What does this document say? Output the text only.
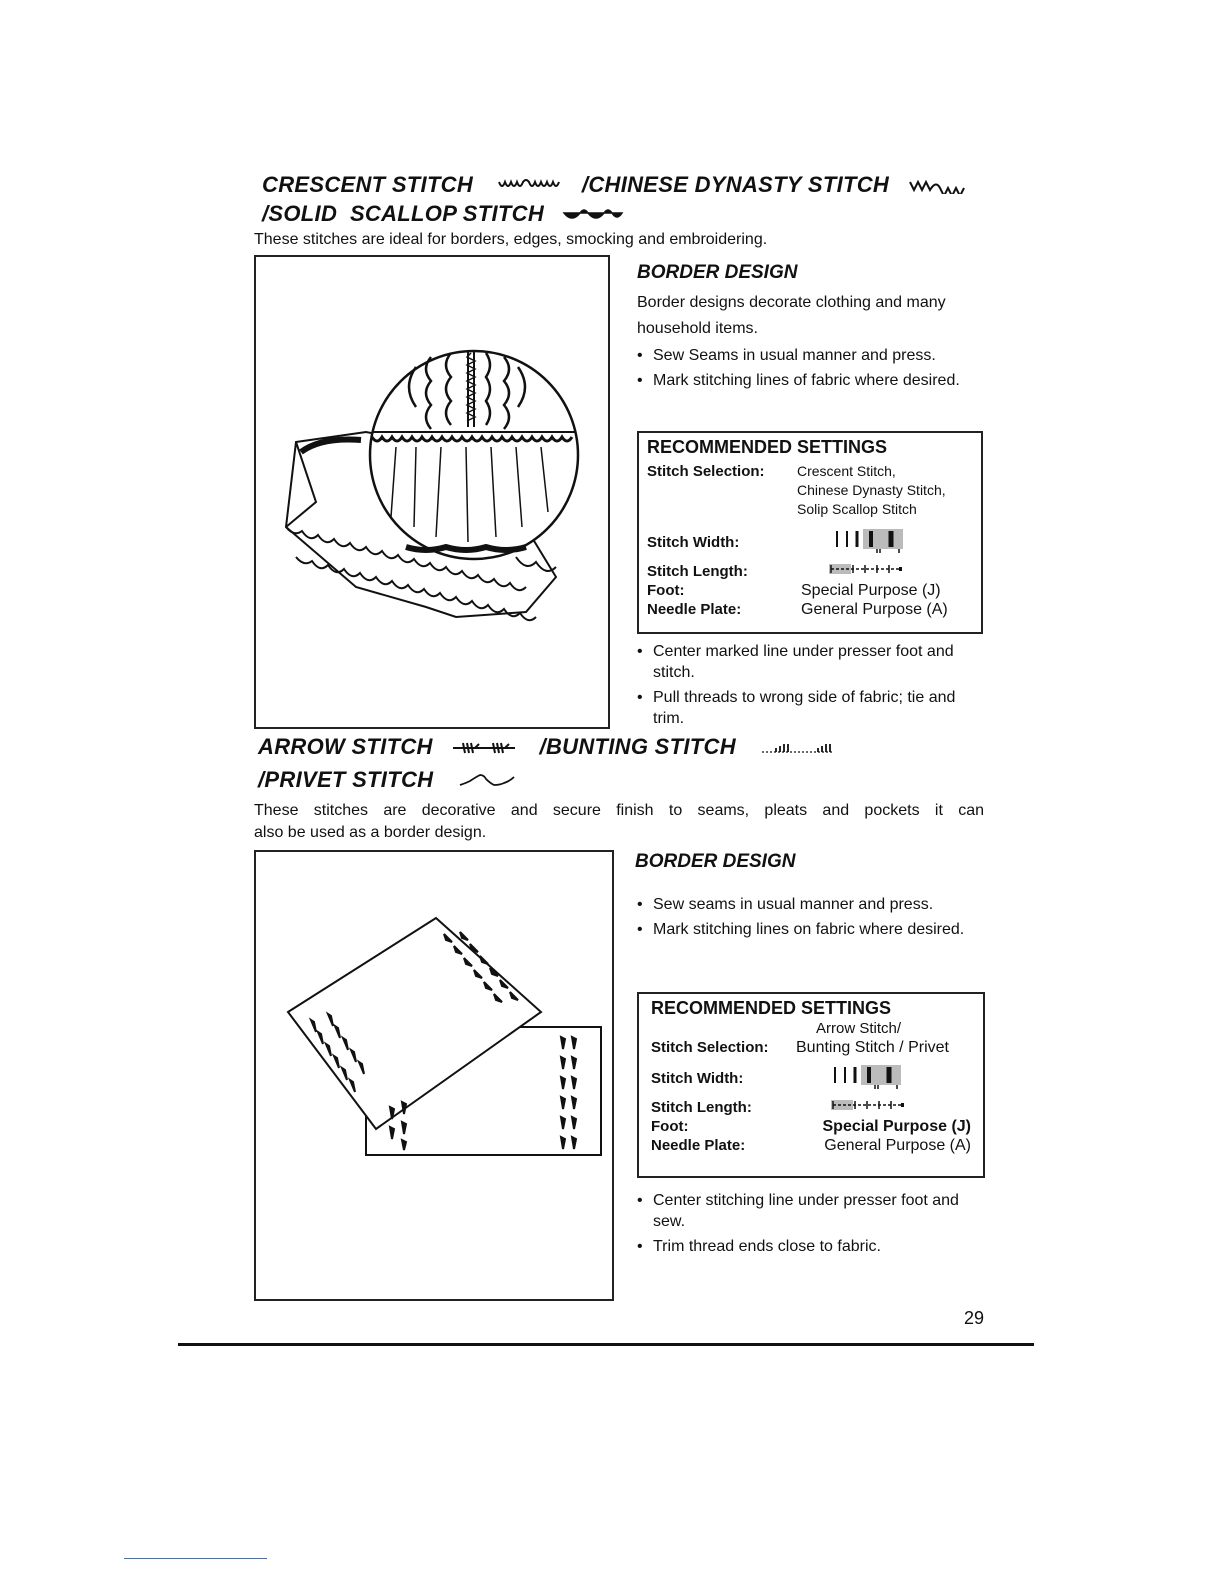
CRESCENT STITCH	/CHINESE DYNASTY STITCH
/SOLID  SCALLOP STITCH
These stitches are ideal for borders, edges, smocking and embroidering.
BORDER DESIGN
Border designs decorate clothing and many
household items.
• Sew Seams in usual manner and press.
• Mark stitching lines of fabric where desired.
RECOMMENDED SETTINGS
Stitch Selection:	Crescent Stitch,
Chinese Dynasty Stitch,
Solip Scallop Stitch
Stitch Width:
Stitch Length:
Foot:	Special Purpose (J)
Needle Plate:	General Purpose (A)
• Center marked line under presser foot and stitch.
• Pull threads to wrong side of fabric; tie and trim.
ARROW STITCH	/BUNTING STITCH
/PRIVET STITCH
These stitches are decorative and secure finish to seams, pleats and pockets it can
also be used as a border design.
BORDER DESIGN
• Sew seams in usual manner and press.
• Mark stitching lines on fabric where desired.
RECOMMENDED SETTINGS
Arrow Stitch/
Stitch Selection:	Bunting Stitch / Privet
Stitch Width:
Stitch Length:
Foot:	Special Purpose (J)
Needle Plate:	General Purpose (A)
• Center stitching line under presser foot and sew.
• Trim thread ends close to fabric.
29
